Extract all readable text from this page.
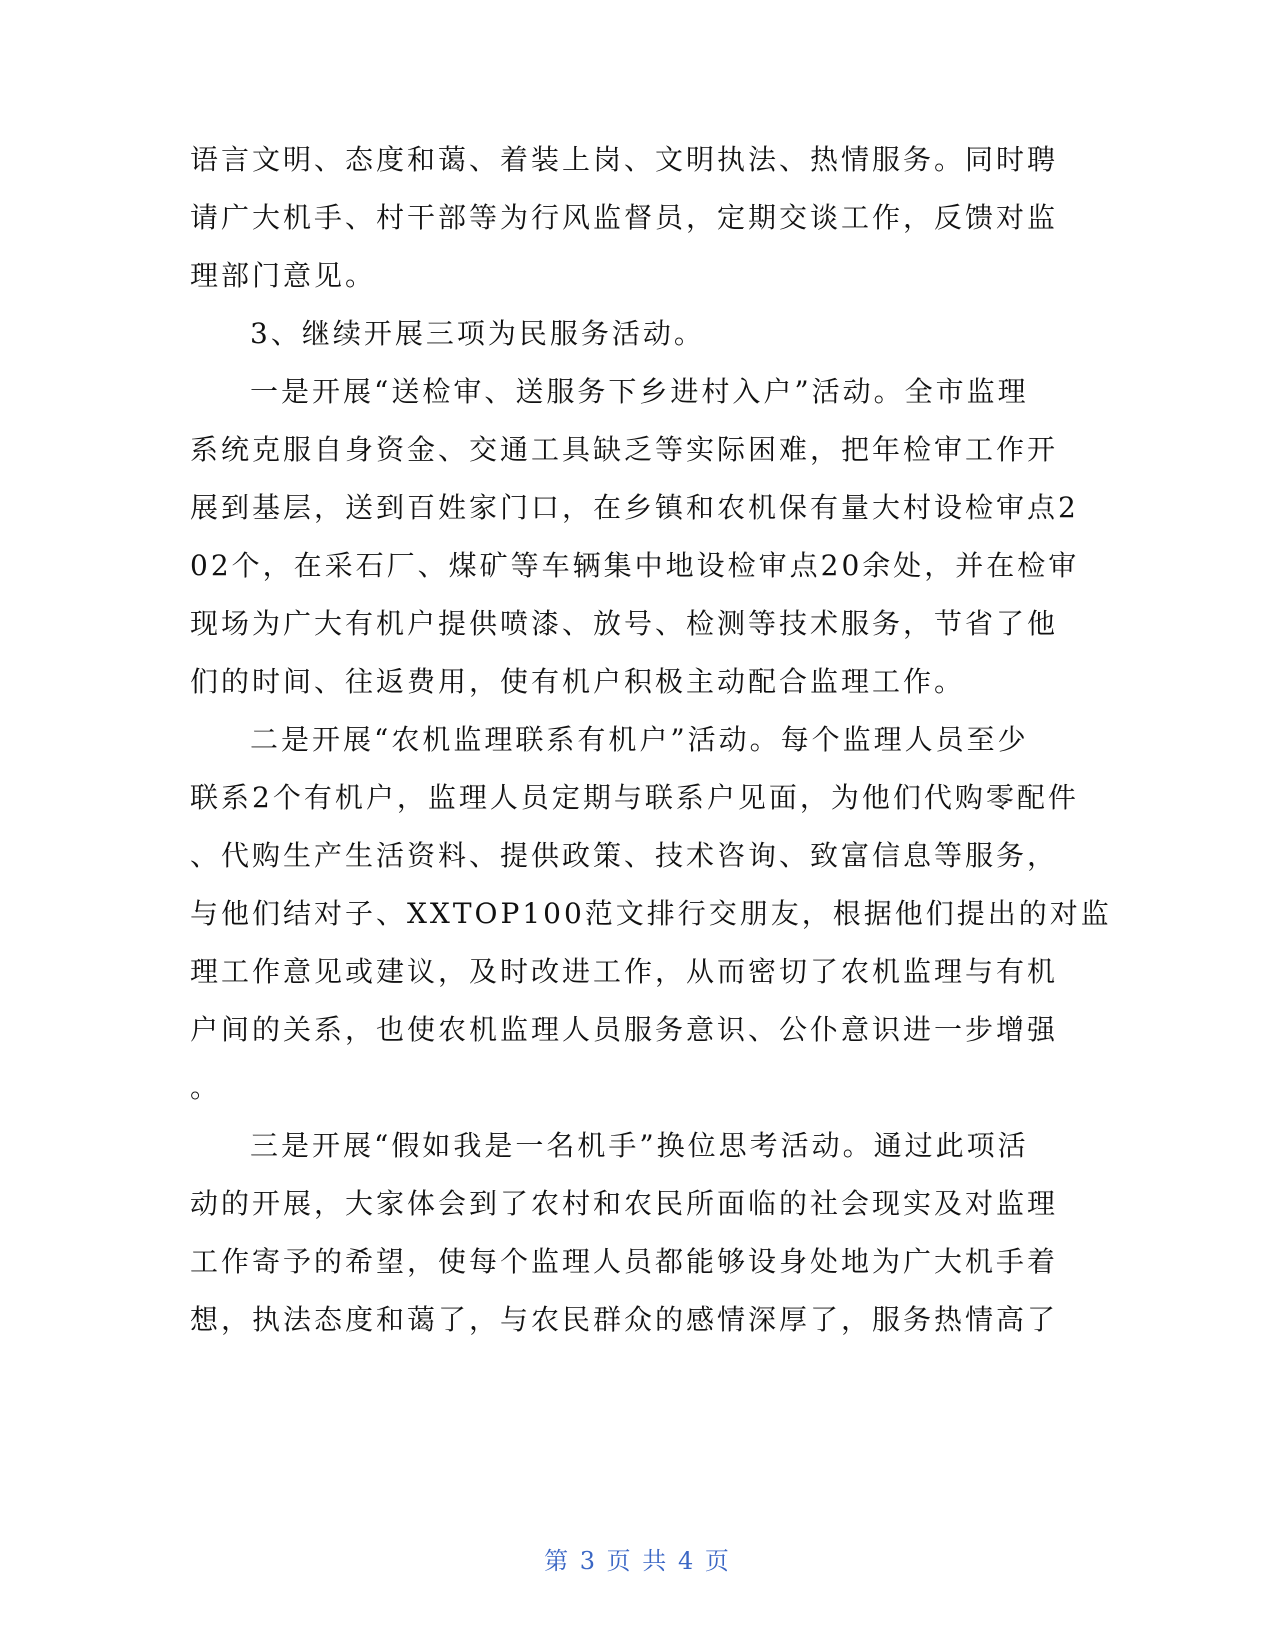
语言文明、态度和蔼、着装上岗、文明执法、热情服务。同时聘
请广大机手、村干部等为行风监督员，定期交谈工作，反馈对监
理部门意见。
3、继续开展三项为民服务活动。
一是开展“送检审、送服务下乡进村入户”活动。全市监理
系统克服自身资金、交通工具缺乏等实际困难，把年检审工作开
展到基层，送到百姓家门口，在乡镇和农机保有量大村设检审点2
02个，在采石厂、煤矿等车辆集中地设检审点20余处，并在检审
现场为广大有机户提供喷漆、放号、检测等技术服务，节省了他
们的时间、往返费用，使有机户积极主动配合监理工作。
二是开展“农机监理联系有机户”活动。每个监理人员至少
联系2个有机户，监理人员定期与联系户见面，为他们代购零配件
、代购生产生活资料、提供政策、技术咨询、致富信息等服务，
与他们结对子、XXTOP100范文排行交朋友，根据他们提出的对监
理工作意见或建议，及时改进工作，从而密切了农机监理与有机
户间的关系，也使农机监理人员服务意识、公仆意识进一步增强
。
三是开展“假如我是一名机手”换位思考活动。通过此项活
动的开展，大家体会到了农村和农民所面临的社会现实及对监理
工作寄予的希望，使每个监理人员都能够设身处地为广大机手着
想，执法态度和蔼了，与农民群众的感情深厚了，服务热情高了
第 3 页 共 4 页
